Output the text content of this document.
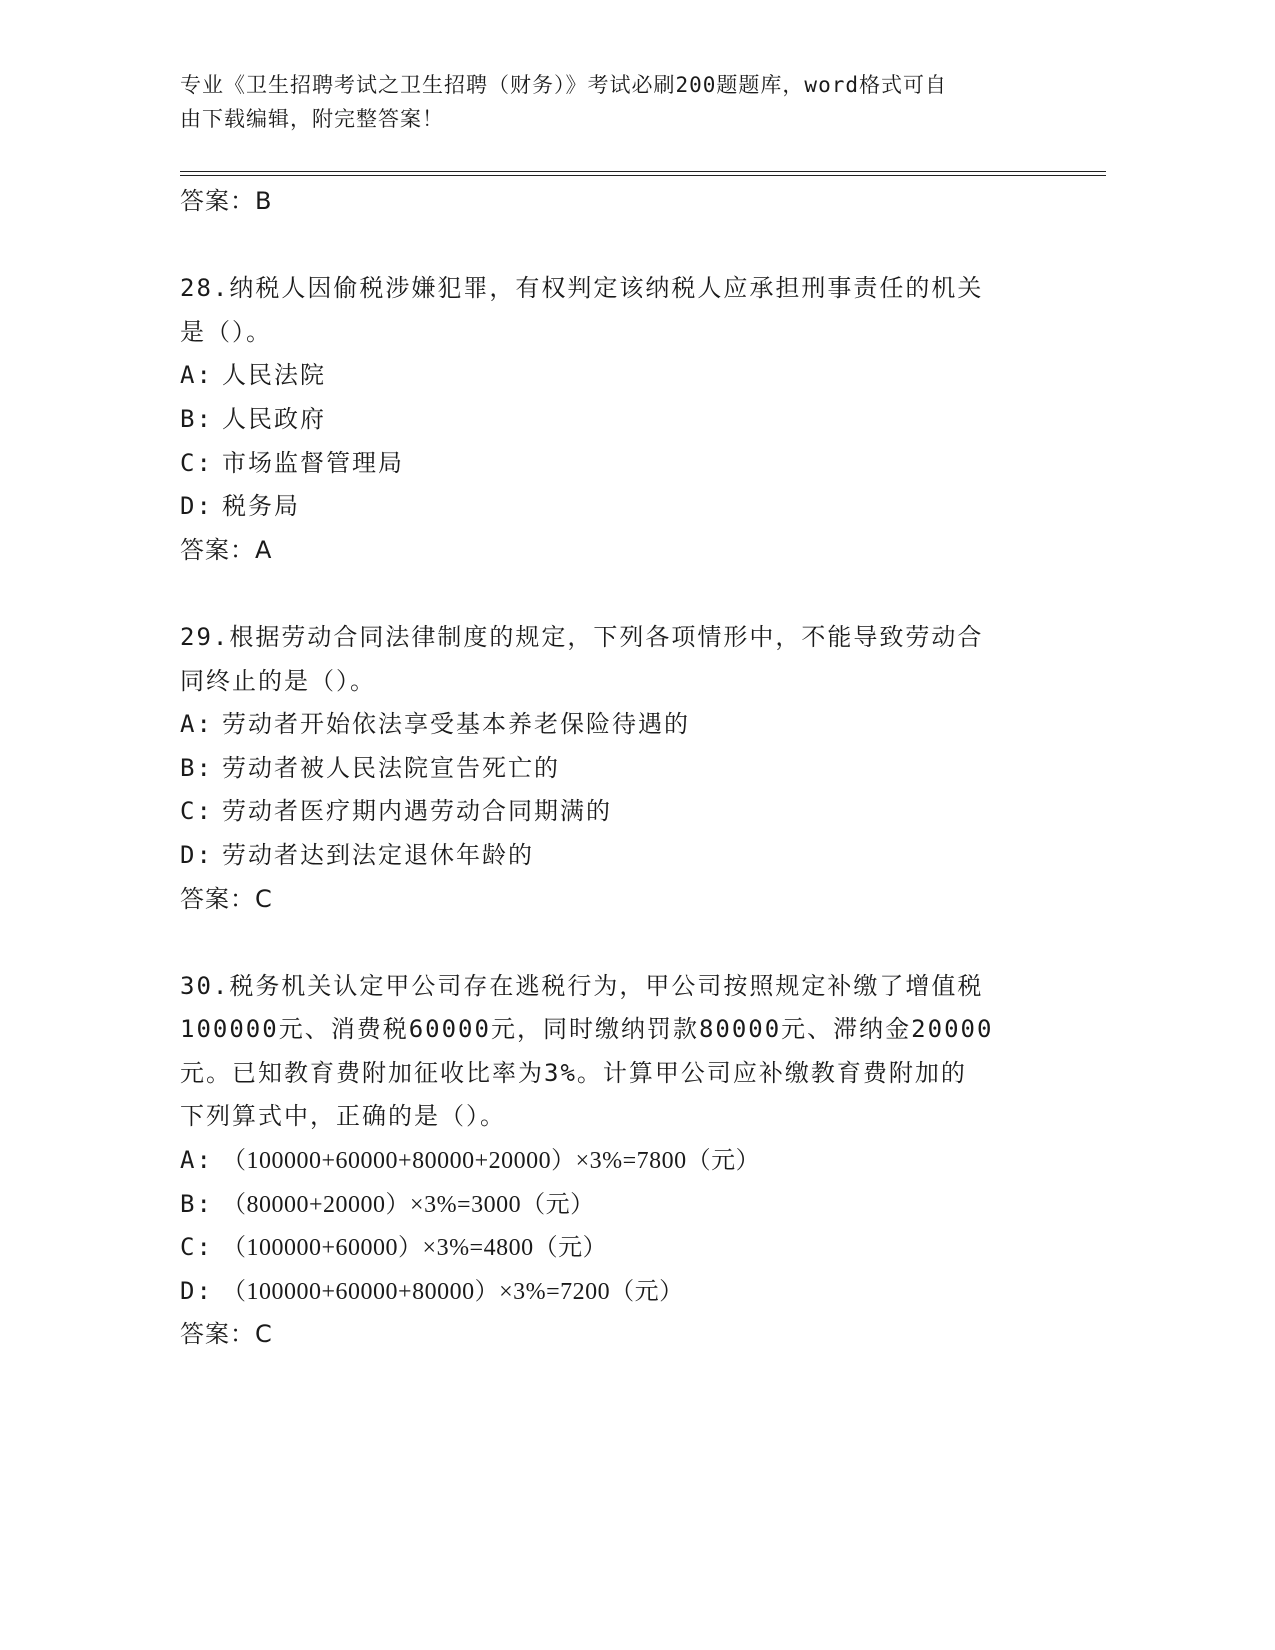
专业《卫生招聘考试之卫生招聘（财务）》考试必刷200题题库，word格式可自
由下载编辑，附完整答案！
答案：B
28.纳税人因偷税涉嫌犯罪，有权判定该纳税人应承担刑事责任的机关
是（）。
A: 人民法院
B: 人民政府
C: 市场监督管理局
D: 税务局
答案：A
29.根据劳动合同法律制度的规定，下列各项情形中，不能导致劳动合
同终止的是（）。
A: 劳动者开始依法享受基本养老保险待遇的
B: 劳动者被人民法院宣告死亡的
C: 劳动者医疗期内遇劳动合同期满的
D: 劳动者达到法定退休年龄的
答案：C
30.税务机关认定甲公司存在逃税行为，甲公司按照规定补缴了增值税
100000元、消费税60000元，同时缴纳罚款80000元、滞纳金20000
元。已知教育费附加征收比率为3%。计算甲公司应补缴教育费附加的
下列算式中，正确的是（）。
A: （100000+60000+80000+20000）×3%=7800（元）
B: （80000+20000）×3%=3000（元）
C: （100000+60000）×3%=4800（元）
D: （100000+60000+80000）×3%=7200（元）
答案：C
